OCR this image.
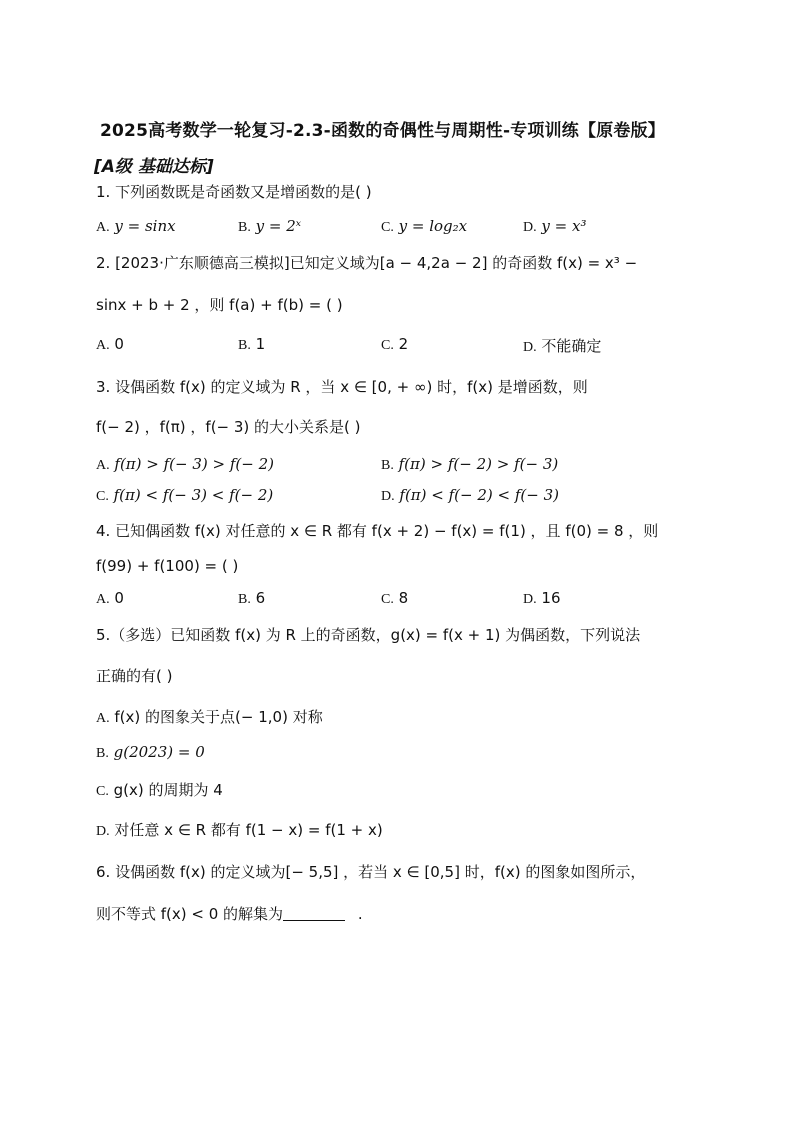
2025高考数学一轮复习-2.3-函数的奇偶性与周期性-专项训练【原卷版】
[A级 基础达标]
1. 下列函数既是奇函数又是增函数的是( )
A. y = sinx	B. y = 2ˣ	C. y = log₂x	D. y = x³
2. [2023·广东顺德高三模拟]已知定义域为[a − 4,2a − 2] 的奇函数 f(x) = x³ −
sinx + b + 2 ，则 f(a) + f(b) = ( )
A. 0	B. 1	C. 2	D. 不能确定
3. 设偶函数 f(x) 的定义域为 R ，当 x ∈ [0, + ∞) 时，f(x) 是增函数，则
f(− 2) ，f(π) ，f(− 3) 的大小关系是( )
A. f(π) > f(− 3) > f(− 2)	B. f(π) > f(− 2) > f(− 3)
C. f(π) < f(− 3) < f(− 2)	D. f(π) < f(− 2) < f(− 3)
4. 已知偶函数 f(x) 对任意的 x ∈ R 都有 f(x + 2) − f(x) = f(1) ，且 f(0) = 8 ，则
f(99) + f(100) = ( )
A. 0	B. 6	C. 8	D. 16
5.（多选）已知函数 f(x) 为 R 上的奇函数，g(x) = f(x + 1) 为偶函数，下列说法
正确的有( )
A. f(x) 的图象关于点(− 1,0) 对称
B. g(2023) = 0
C. g(x) 的周期为 4
D. 对任意 x ∈ R 都有 f(1 − x) = f(1 + x)
6. 设偶函数 f(x) 的定义域为[− 5,5] ，若当 x ∈ [0,5] 时，f(x) 的图象如图所示，
则不等式 f(x) < 0 的解集为	.
